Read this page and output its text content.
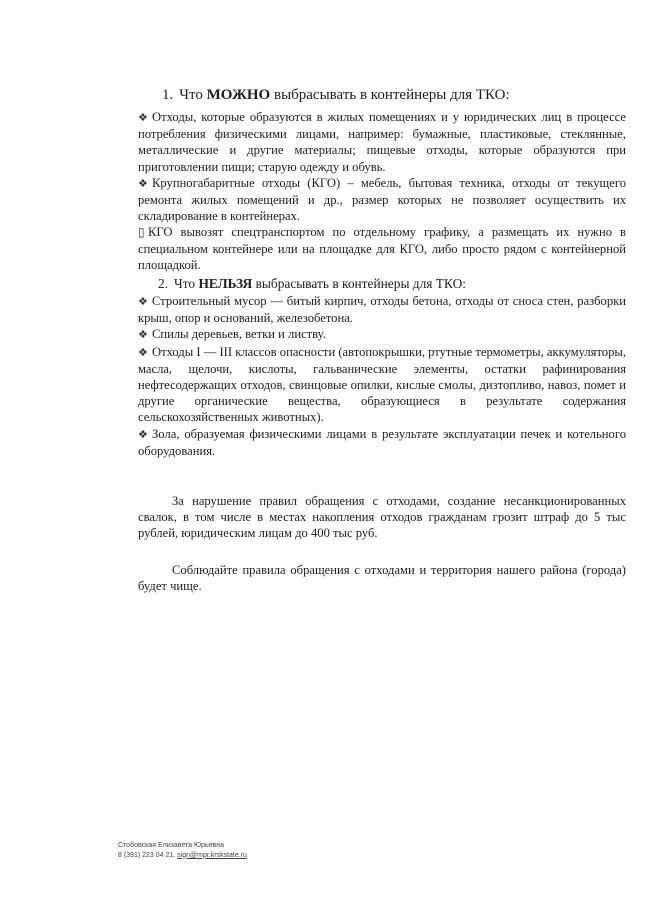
1. Что МОЖНО выбрасывать в контейнеры для ТКО:

❖ Отходы, которые образуются в жилых помещениях и у юридических лиц в процессе потребления физическими лицами, например: бумажные, пластиковые, стеклянные, металлические и другие материалы; пищевые отходы, которые образуются при приготовлении пищи; старую одежду и обувь.

❖ Крупногабаритные отходы (КГО) – мебель, бытовая техника, отходы от текущего ремонта жилых помещений и др., размер которых не позволяет осуществить их складирование в контейнерах.

▯ КГО вывозят спецтранспортом по отдельному графику, а размещать их нужно в специальном контейнере или на площадке для КГО, либо просто рядом с контейнерной площадкой.

2. Что НЕЛЬЗЯ выбрасывать в контейнеры для ТКО:

❖ Строительный мусор — битый кирпич, отходы бетона, отходы от сноса стен, разборки крыш, опор и оснований, железобетона.

❖ Спилы деревьев, ветки и листву.

❖ Отходы I — III классов опасности (автопокрышки, ртутные термометры, аккумуляторы, масла, щелочи, кислоты, гальванические элементы, остатки рафинирования нефтесодержащих отходов, свинцовые опилки, кислые смолы, дизтопливо, навоз, помет и другие органические вещества, образующиеся в результате содержания сельскохозяйственных животных).

❖ Зола, образуемая физическими лицами в результате эксплуатации печек и котельного оборудования.

За нарушение правил обращения с отходами, создание несанкционированных свалок, в том числе в местах накопления отходов гражданам грозит штраф до 5 тыс рублей, юридическим лицам до 400 тыс руб.

Соблюдайте правила обращения с отходами и территория нашего района (города) будет чище.

Стобовская Елизавета Юрьевна
8 (391) 223 04 21, sign@mpr.krskstate.ru
